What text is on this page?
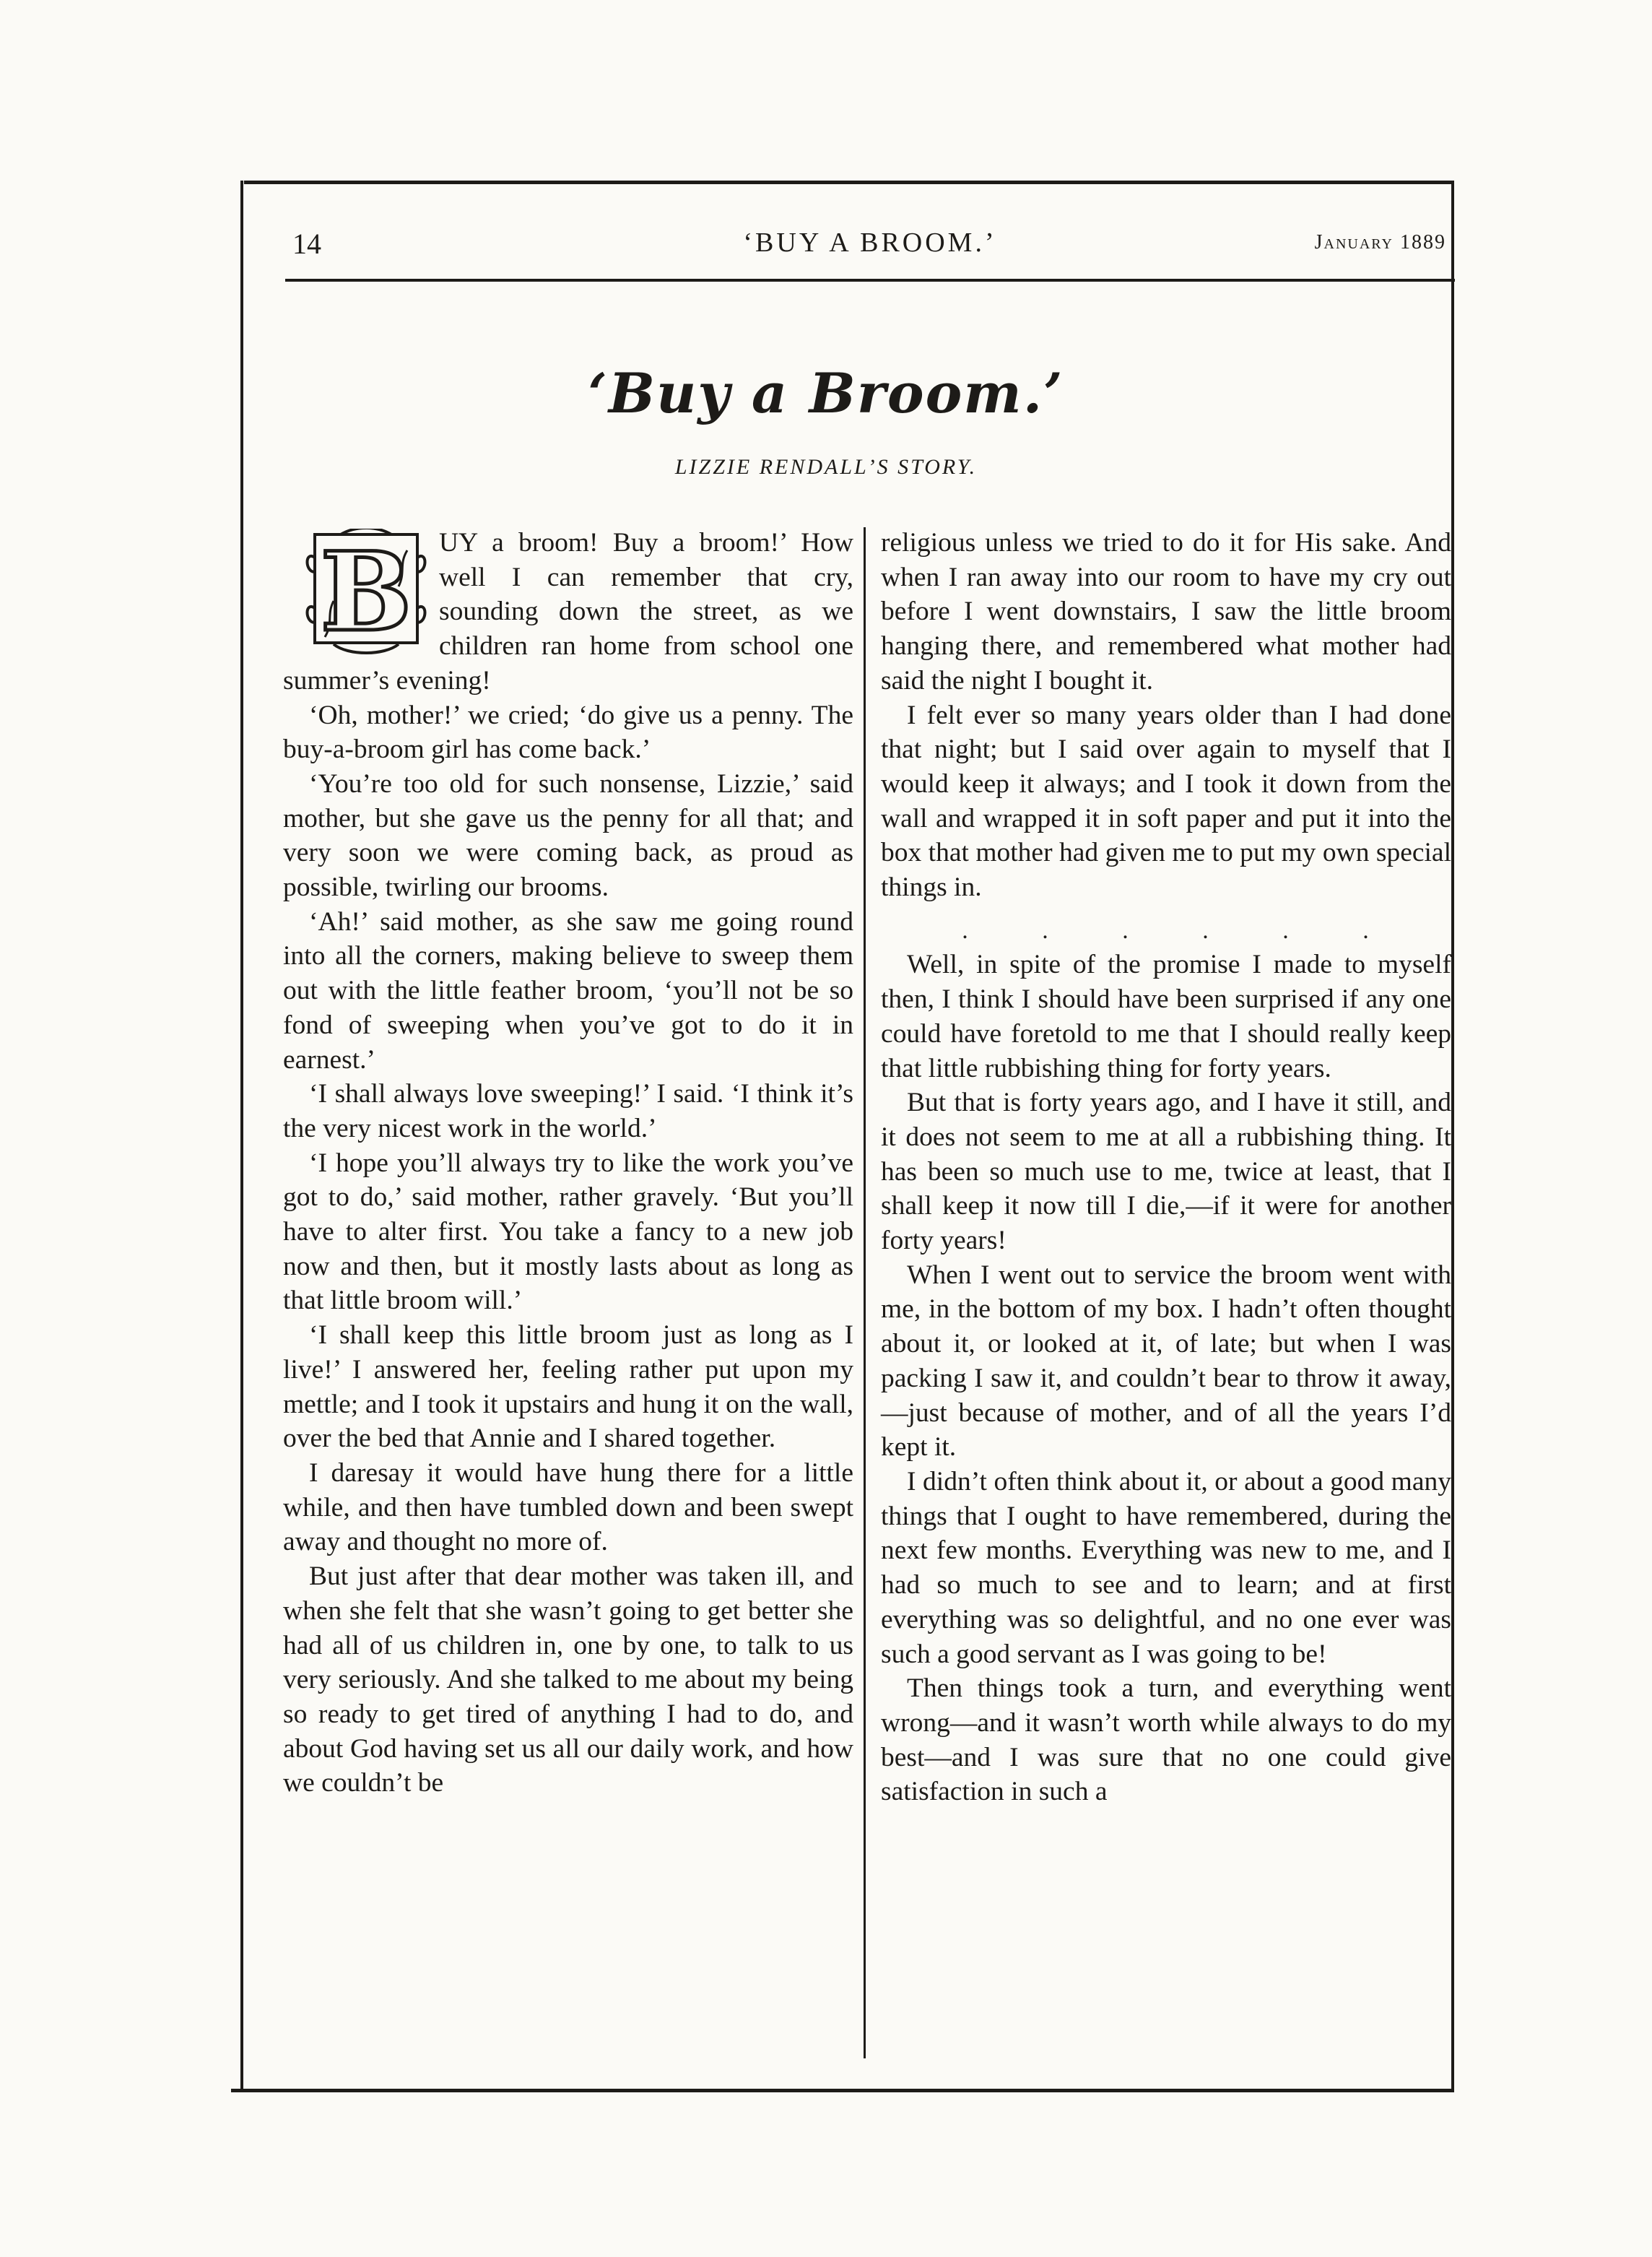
14	‘BUY A BROOM.’	January 1889
‘Buy a Broom.’
LIZZIE RENDALL’S STORY.
B	UY a broom! Buy a broom!’ How well I can remember that cry, sounding down the street, as we children ran home from school one summer’s evening!

‘Oh, mother!’ we cried; ‘do give us a penny. The buy-a-broom girl has come back.’

‘You’re too old for such nonsense, Lizzie,’ said mother, but she gave us the penny for all that; and very soon we were coming back, as proud as possible, twirling our brooms.

‘Ah!’ said mother, as she saw me going round into all the corners, making believe to sweep them out with the little feather broom, ‘you’ll not be so fond of sweeping when you’ve got to do it in earnest.’

‘I shall always love sweeping!’ I said. ‘I think it’s the very nicest work in the world.’

‘I hope you’ll always try to like the work you’ve got to do,’ said mother, rather gravely. ‘But you’ll have to alter first. You take a fancy to a new job now and then, but it mostly lasts about as long as that little broom will.’

‘I shall keep this little broom just as long as I live!’ I answered her, feeling rather put upon my mettle; and I took it upstairs and hung it on the wall, over the bed that Annie and I shared together.

I daresay it would have hung there for a little while, and then have tumbled down and been swept away and thought no more of.

But just after that dear mother was taken ill, and when she felt that she wasn’t going to get better she had all of us children in, one by one, to talk to us very seriously. And she talked to me about my being so ready to get tired of anything I had to do, and about God having set us all our daily work, and how we couldn’t be

religious unless we tried to do it for His sake. And when I ran away into our room to have my cry out before I went downstairs, I saw the little broom hanging there, and remembered what mother had said the night I bought it.

I felt ever so many years older than I had done that night; but I said over again to myself that I would keep it always; and I took it down from the wall and wrapped it in soft paper and put it into the box that mother had given me to put my own special things in.

. . . . . .

Well, in spite of the promise I made to myself then, I think I should have been surprised if any one could have foretold to me that I should really keep that little rubbishing thing for forty years.

But that is forty years ago, and I have it still, and it does not seem to me at all a rubbishing thing. It has been so much use to me, twice at least, that I shall keep it now till I die,—if it were for another forty years!

When I went out to service the broom went with me, in the bottom of my box. I hadn’t often thought about it, or looked at it, of late; but when I was packing I saw it, and couldn’t bear to throw it away,—just because of mother, and of all the years I’d kept it.

I didn’t often think about it, or about a good many things that I ought to have remembered, during the next few months. Everything was new to me, and I had so much to see and to learn; and at first everything was so delightful, and no one ever was such a good servant as I was going to be!

Then things took a turn, and everything went wrong—and it wasn’t worth while always to do my best—and I was sure that no one could give satisfaction in such a
